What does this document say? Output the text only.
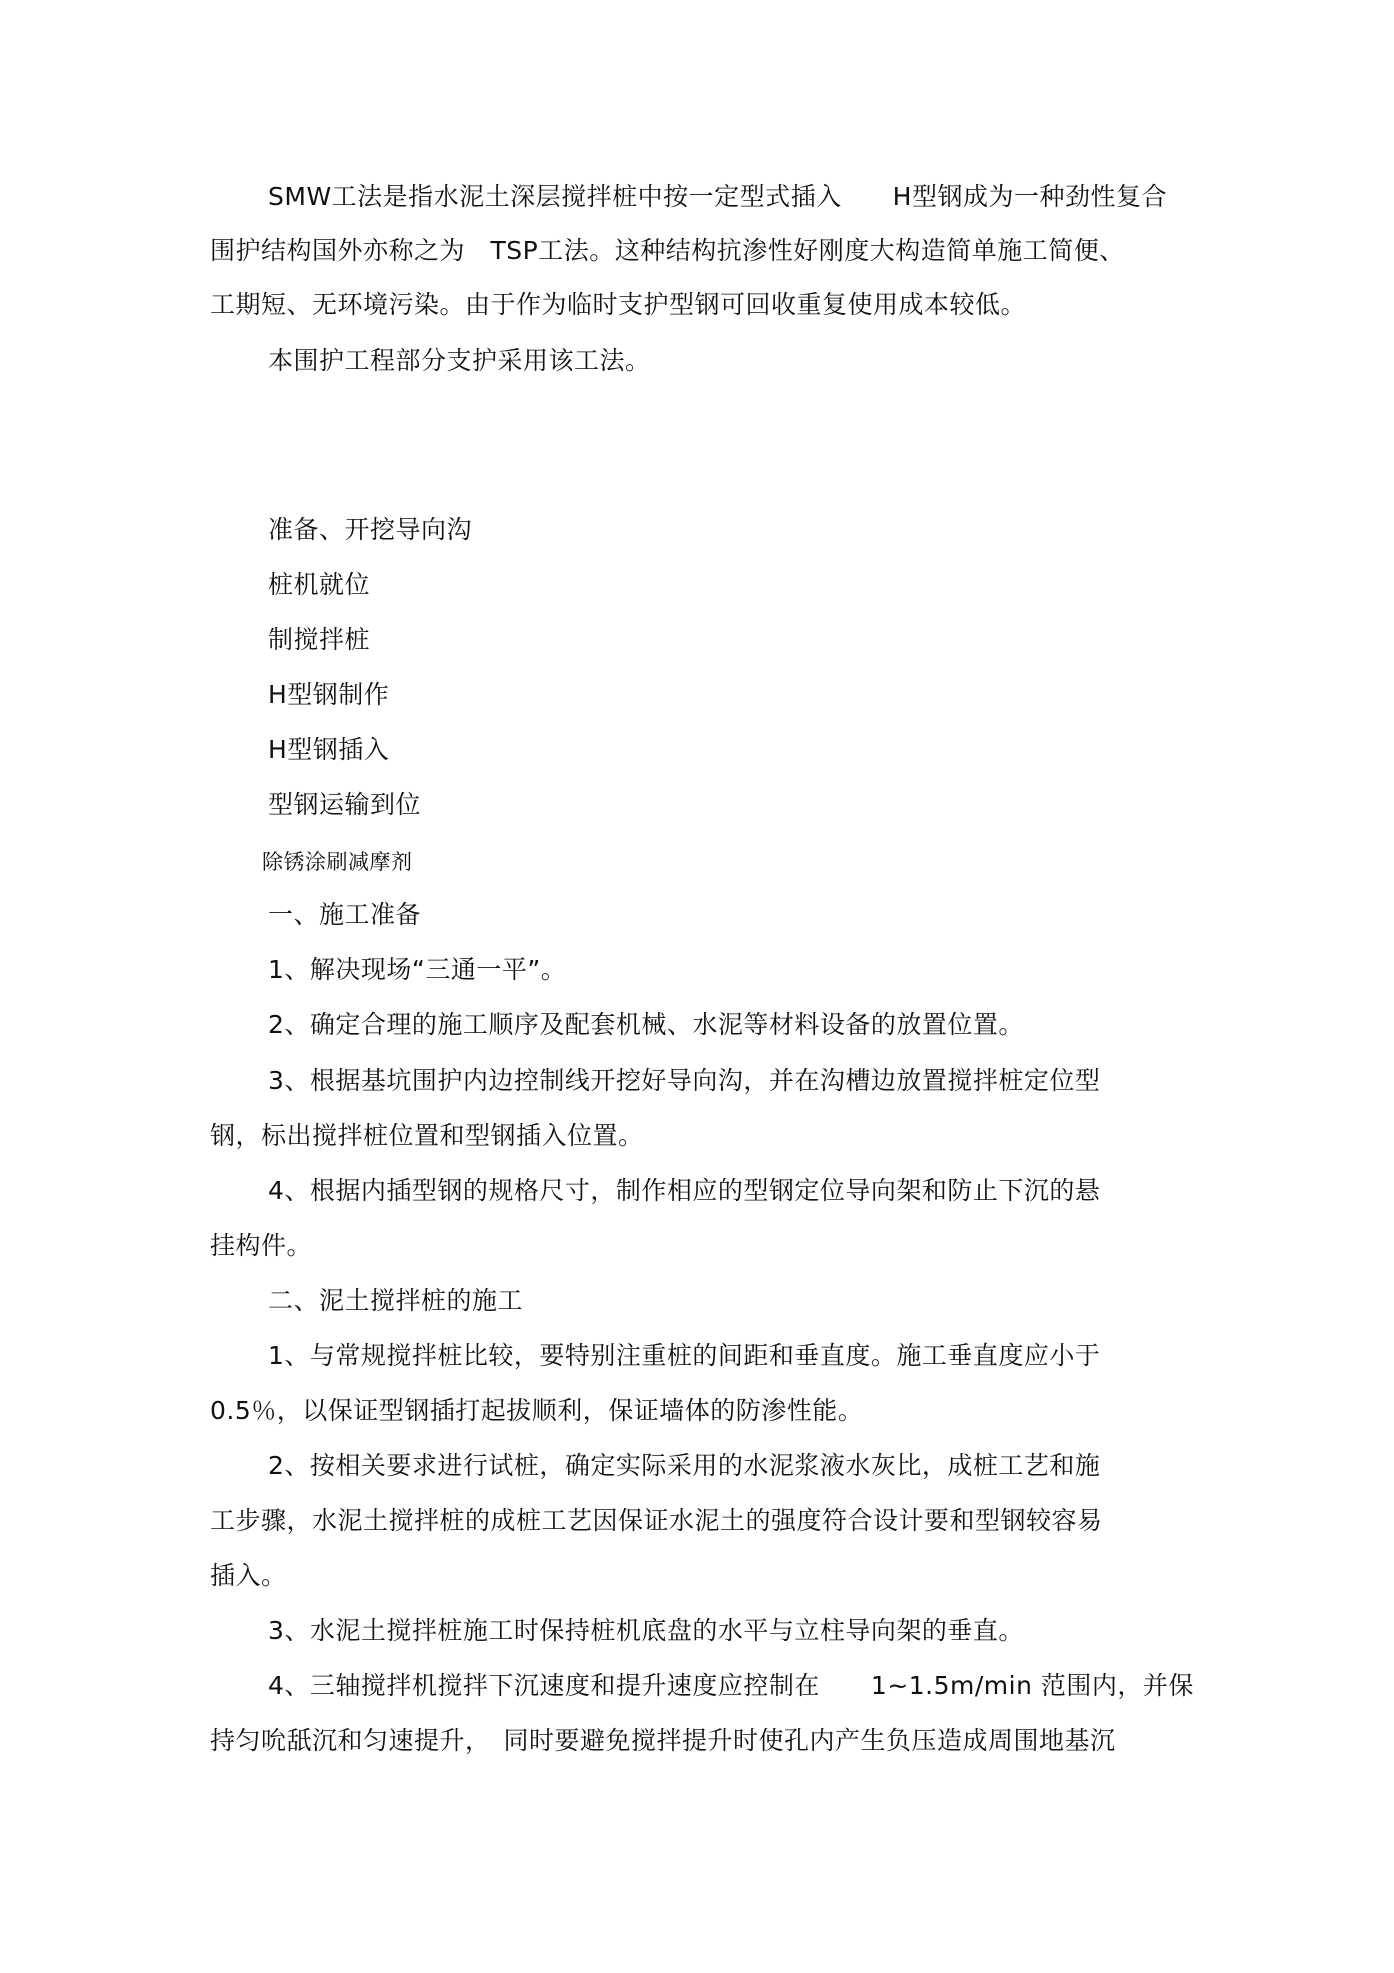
SMW工法是指水泥土深层搅拌桩中按一定型式插入　　H型钢成为一种劲性复合
围护结构国外亦称之为　TSP工法。这种结构抗渗性好刚度大构造简单施工简便、
工期短、无环境污染。由于作为临时支护型钢可回收重复使用成本较低。
本围护工程部分支护采用该工法。
准备、开挖导向沟
桩机就位
制搅拌桩
H型钢制作
H型钢插入
型钢运输到位
除锈涂刷减摩剂
一、施工准备
1、解决现场“三通一平”。
2、确定合理的施工顺序及配套机械、水泥等材料设备的放置位置。
3、根据基坑围护内边控制线开挖好导向沟，并在沟槽边放置搅拌桩定位型
钢，标出搅拌桩位置和型钢插入位置。
4、根据内插型钢的规格尺寸，制作相应的型钢定位导向架和防止下沉的悬
挂构件。
二、泥土搅拌桩的施工
1、与常规搅拌桩比较，要特别注重桩的间距和垂直度。施工垂直度应小于
0.5％，以保证型钢插打起拔顺利，保证墙体的防渗性能。
2、按相关要求进行试桩，确定实际采用的水泥浆液水灰比，成桩工艺和施
工步骤，水泥土搅拌桩的成桩工艺因保证水泥土的强度符合设计要和型钢较容易
插入。
3、水泥土搅拌桩施工时保持桩机底盘的水平与立柱导向架的垂直。
4、三轴搅拌机搅拌下沉速度和提升速度应控制在　　1~1.5m/min 范围内，并保
持匀吮舐沉和匀速提升，　同时要避免搅拌提升时使孔内产生负压造成周围地基沉
